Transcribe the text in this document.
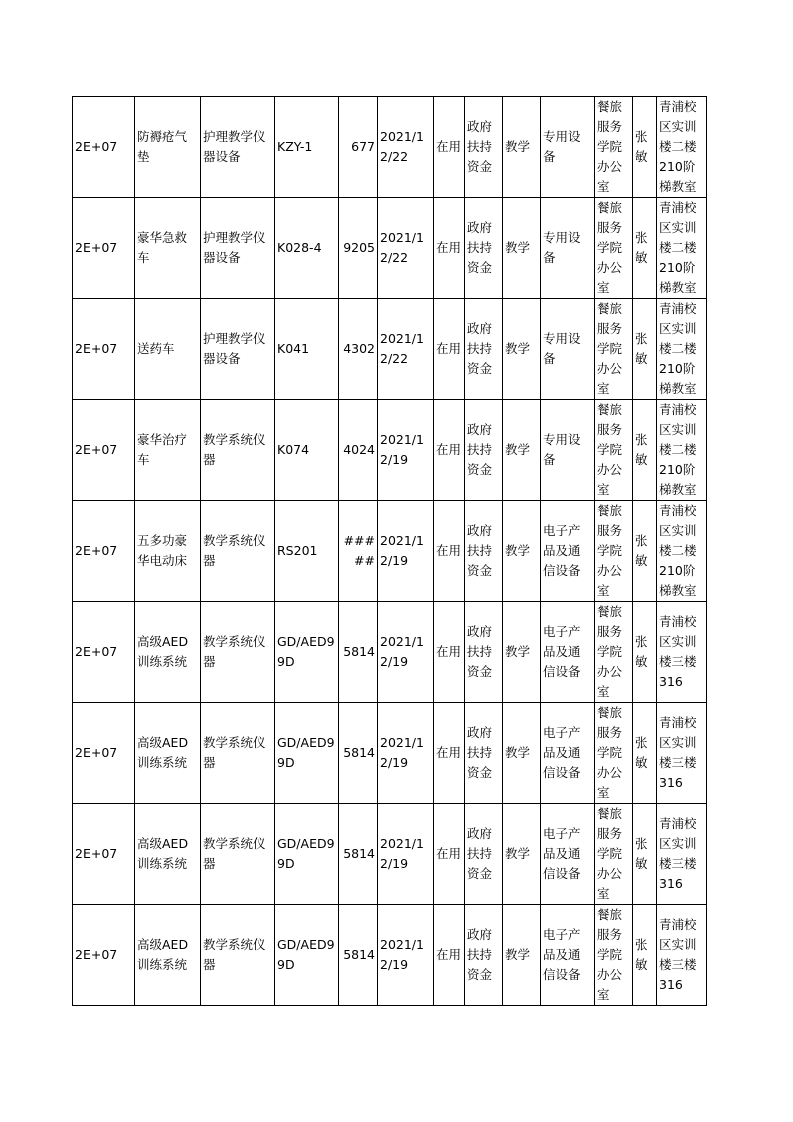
2E+07	防褥疮气垫	护理教学仪器设备	KZY-1	677	2021/12/22	在用	政府扶持资金	教学	专用设备	餐旅服务学院办公室	张敏	青浦校区实训楼二楼210阶梯教室
2E+07	豪华急救车	护理教学仪器设备	K028-4	9205	2021/12/22	在用	政府扶持资金	教学	专用设备	餐旅服务学院办公室	张敏	青浦校区实训楼二楼210阶梯教室
2E+07	送药车	护理教学仪器设备	K041	4302	2021/12/22	在用	政府扶持资金	教学	专用设备	餐旅服务学院办公室	张敏	青浦校区实训楼二楼210阶梯教室
2E+07	豪华治疗车	教学系统仪器	K074	4024	2021/12/19	在用	政府扶持资金	教学	专用设备	餐旅服务学院办公室	张敏	青浦校区实训楼二楼210阶梯教室
2E+07	五多功豪华电动床	教学系统仪器	RS201	#####	2021/12/19	在用	政府扶持资金	教学	电子产品及通信设备	餐旅服务学院办公室	张敏	青浦校区实训楼二楼210阶梯教室
2E+07	高级AED训练系统	教学系统仪器	GD/AED99D	5814	2021/12/19	在用	政府扶持资金	教学	电子产品及通信设备	餐旅服务学院办公室	张敏	青浦校区实训楼三楼316
2E+07	高级AED训练系统	教学系统仪器	GD/AED99D	5814	2021/12/19	在用	政府扶持资金	教学	电子产品及通信设备	餐旅服务学院办公室	张敏	青浦校区实训楼三楼316
2E+07	高级AED训练系统	教学系统仪器	GD/AED99D	5814	2021/12/19	在用	政府扶持资金	教学	电子产品及通信设备	餐旅服务学院办公室	张敏	青浦校区实训楼三楼316
2E+07	高级AED训练系统	教学系统仪器	GD/AED99D	5814	2021/12/19	在用	政府扶持资金	教学	电子产品及通信设备	餐旅服务学院办公室	张敏	青浦校区实训楼三楼316
